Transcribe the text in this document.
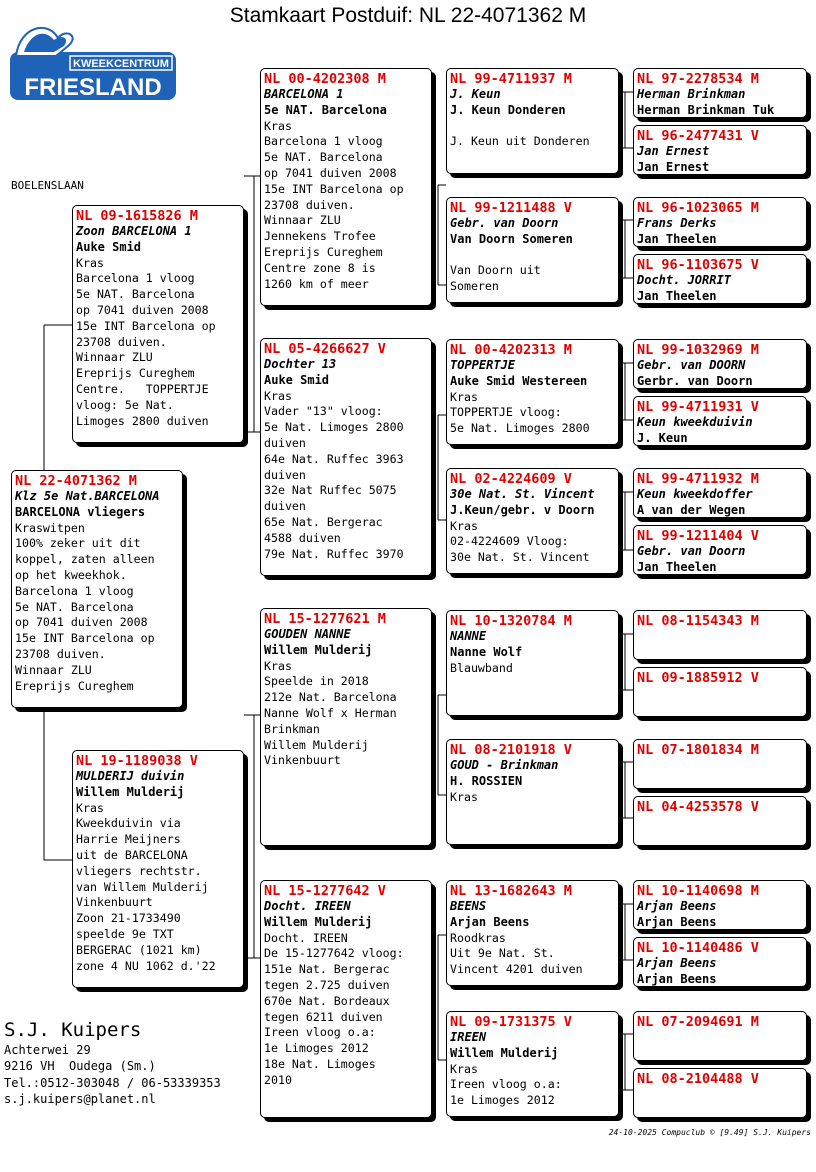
Stamkaart Postduif: NL 22-4071362 M
KWEEKCENTRUM
FRIESLAND
BOELENSLAAN
NL 22-4071362 M
Klz 5e Nat.BARCELONA
BARCELONA vliegers
Kraswitpen
100% zeker uit dit
koppel, zaten alleen
op het kweekhok.
Barcelona 1 vloog
5e NAT. Barcelona
op 7041 duiven 2008
15e INT Barcelona op
23708 duiven.
Winnaar ZLU
Ereprijs Cureghem
NL 09-1615826 M
Zoon BARCELONA 1
Auke Smid
Kras
Barcelona 1 vloog
5e NAT. Barcelona
op 7041 duiven 2008
15e INT Barcelona op
23708 duiven.
Winnaar ZLU
Ereprijs Cureghem
Centre.   TOPPERTJE
vloog: 5e Nat.
Limoges 2800 duiven
NL 19-1189038 V
MULDERIJ duivin
Willem Mulderij
Kras
Kweekduivin via
Harrie Meijners
uit de BARCELONA
vliegers rechtstr.
van Willem Mulderij
Vinkenbuurt
Zoon 21-1733490
speelde 9e TXT
BERGERAC (1021 km)
zone 4 NU 1062 d.'22
NL 00-4202308 M
BARCELONA 1
5e NAT. Barcelona
Kras
Barcelona 1 vloog
5e NAT. Barcelona
op 7041 duiven 2008
15e INT Barcelona op
23708 duiven.
Winnaar ZLU
Jennekens Trofee
Ereprijs Cureghem
Centre zone 8 is
1260 km of meer
NL 05-4266627 V
Dochter 13
Auke Smid
Kras
Vader "13" vloog:
5e Nat. Limoges 2800
duiven
64e Nat. Ruffec 3963
duiven
32e Nat Ruffec 5075
duiven
65e Nat. Bergerac
4588 duiven
79e Nat. Ruffec 3970
NL 15-1277621 M
GOUDEN NANNE
Willem Mulderij
Kras
Speelde in 2018
212e Nat. Barcelona
Nanne Wolf x Herman
Brinkman
Willem Mulderij
Vinkenbuurt
NL 15-1277642 V
Docht. IREEN
Willem Mulderij
Docht. IREEN
De 15-1277642 vloog:
151e Nat. Bergerac
tegen 2.725 duiven
670e Nat. Bordeaux
tegen 6211 duiven
Ireen vloog o.a:
1e Limoges 2012
18e Nat. Limoges
2010
NL 99-4711937 M
J. Keun
J. Keun Donderen

J. Keun uit Donderen
NL 99-1211488 V
Gebr. van Doorn
Van Doorn Someren

Van Doorn uit
Someren
NL 00-4202313 M
TOPPERTJE
Auke Smid Westereen
Kras
TOPPERTJE vloog:
5e Nat. Limoges 2800
NL 02-4224609 V
30e Nat. St. Vincent
J.Keun/gebr. v Doorn
Kras
02-4224609 Vloog:
30e Nat. St. Vincent
NL 10-1320784 M
NANNE
Nanne Wolf
Blauwband
NL 08-2101918 V
GOUD - Brinkman
H. ROSSIEN
Kras
NL 13-1682643 M
BEENS
Arjan Beens
Roodkras
Uit 9e Nat. St.
Vincent 4201 duiven
NL 09-1731375 V
IREEN
Willem Mulderij
Kras
Ireen vloog o.a:
1e Limoges 2012
NL 97-2278534 M
Herman Brinkman
Herman Brinkman Tuk
NL 96-2477431 V
Jan Ernest
Jan Ernest
NL 96-1023065 M
Frans Derks
Jan Theelen
NL 96-1103675 V
Docht. JORRIT
Jan Theelen
NL 99-1032969 M
Gebr. van DOORN
Gerbr. van Doorn
NL 99-4711931 V
Keun kweekduivin
J. Keun
NL 99-4711932 M
Keun kweekdoffer
A van der Wegen
NL 99-1211404 V
Gebr. van Doorn
Jan Theelen
NL 08-1154343 M
NL 09-1885912 V
NL 07-1801834 M
NL 04-4253578 V
NL 10-1140698 M
Arjan Beens
Arjan Beens
NL 10-1140486 V
Arjan Beens
Arjan Beens
NL 07-2094691 M
NL 08-2104488 V
S.J. Kuipers
Achterwei 29
9216 VH  Oudega (Sm.)
Tel.:0512-303048 / 06-53339353
s.j.kuipers@planet.nl
24-10-2025 Compuclub © [9.49] S.J. Kuipers
